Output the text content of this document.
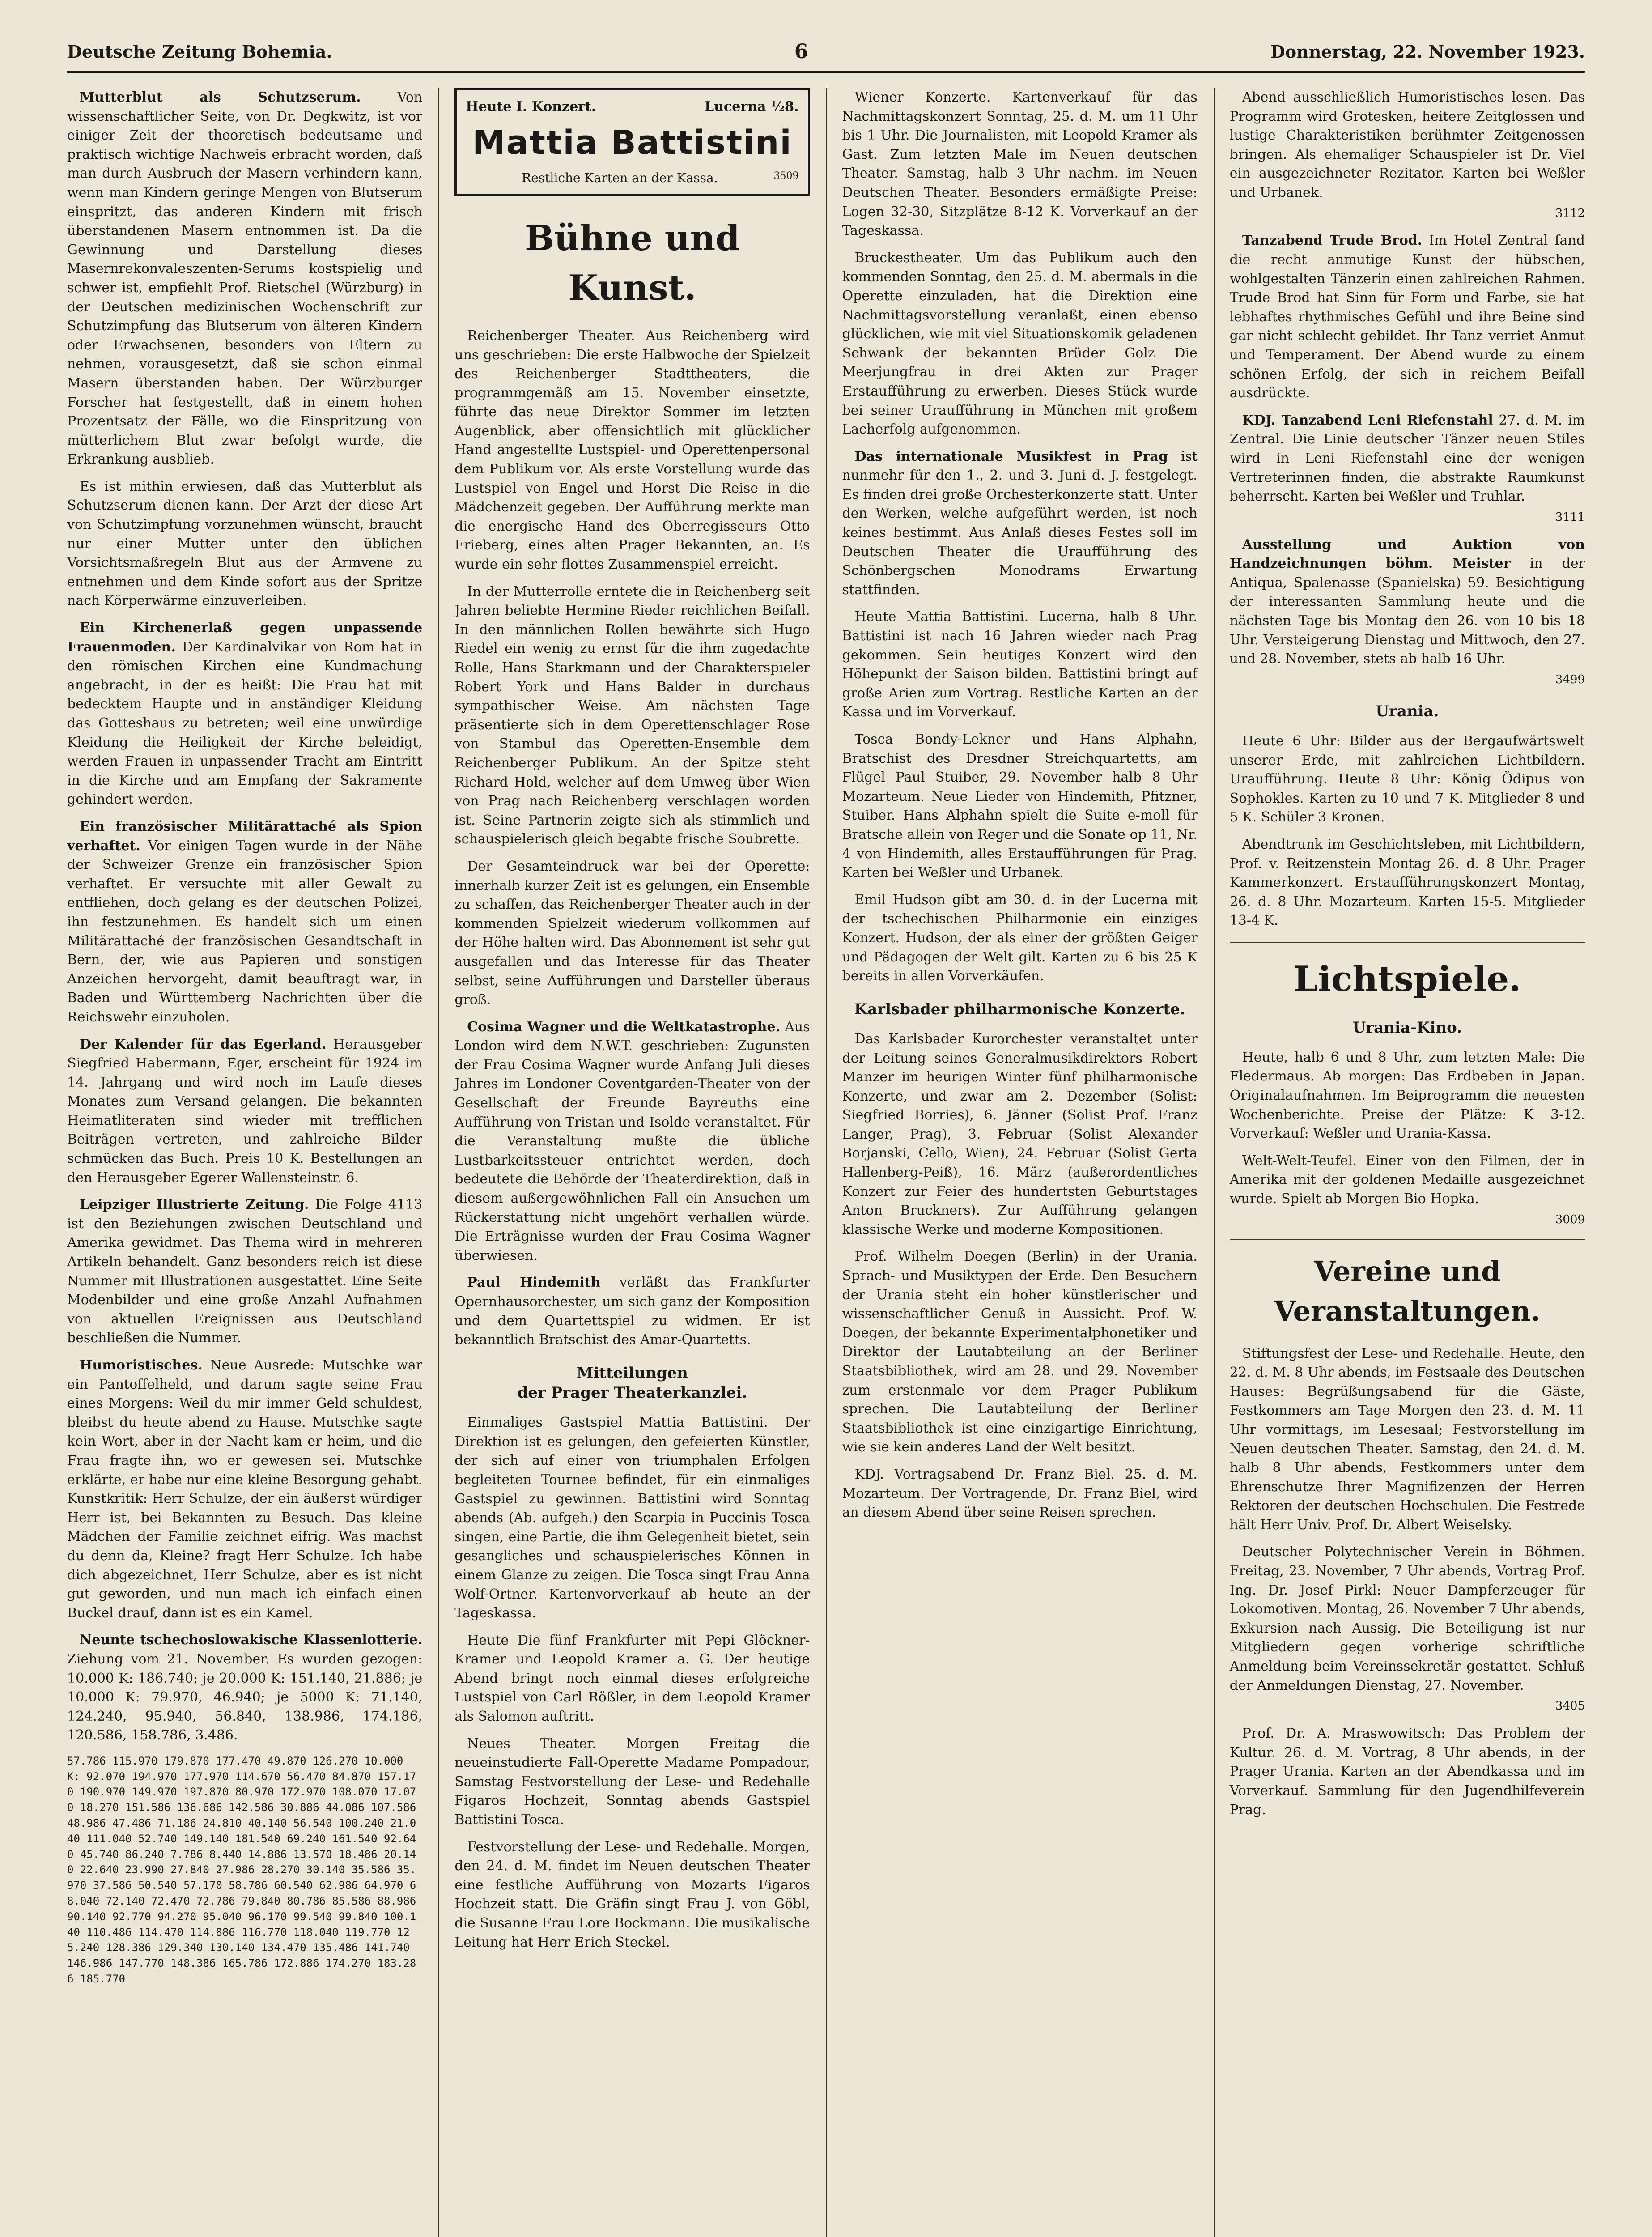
Deutsche Zeitung Bohemia.	6	Donnerstag, 22. November 1923.

Mutterblut als Schutzserum.	Von wissenschaftlicher Seite, von Dr. Degkwitz, ist vor einiger Zeit der theoretisch bedeutsame und praktisch wichtige Nachweis erbracht worden, daß man durch Ausbruch der Masern verhindern kann, wenn man Kindern geringe Mengen von Blutserum einspritzt, das anderen Kindern mit frisch überstandenen Masern entnommen ist. Da die Gewinnung und Darstellung dieses Masernrekonvaleszenten-Serums kostspielig und schwer ist, empfiehlt Prof. Rietschel (Würzburg) in der Deutschen medizinischen Wochenschrift zur Schutzimpfung das Blutserum von älteren Kindern oder Erwachsenen, besonders von Eltern zu nehmen, vorausgesetzt, daß sie schon einmal Masern überstanden haben. Der Würzburger Forscher hat festgestellt, daß in einem hohen Prozentsatz der Fälle, wo die Einspritzung von mütterlichem Blut zwar befolgt wurde, die Erkrankung ausblieb.

Es ist mithin erwiesen, daß das Mutterblut als Schutzserum dienen kann. Der Arzt der diese Art von Schutzimpfung vorzunehmen wünscht, braucht nur einer Mutter unter den üblichen Vorsichtsmaßregeln Blut aus der Armvene zu entnehmen und dem Kinde sofort aus der Spritze nach Körperwärme einzuverleiben.

Ein Kirchenerlaß gegen unpassende Frauenmoden. Der Kardinalvikar von Rom hat in den römischen Kirchen eine Kundmachung angebracht, in der es heißt: Die Frau hat mit bedecktem Haupte und in anständiger Kleidung das Gotteshaus zu betreten; weil eine unwürdige Kleidung die Heiligkeit der Kirche beleidigt, werden Frauen in unpassender Tracht am Eintritt in die Kirche und am Empfang der Sakramente gehindert werden.

Ein französischer Militärattaché als Spion verhaftet. Vor einigen Tagen wurde in der Nähe der Schweizer Grenze ein französischer Spion verhaftet. Er versuchte mit aller Gewalt zu entfliehen, doch gelang es der deutschen Polizei, ihn festzunehmen. Es handelt sich um einen Militärattaché der französischen Gesandtschaft in Bern, der, wie aus Papieren und sonstigen Anzeichen hervorgeht, damit beauftragt war, in Baden und Württemberg Nachrichten über die Reichswehr einzuholen.

Der Kalender für das Egerland. Herausgeber Siegfried Habermann, Eger, erscheint für 1924 im 14. Jahrgang und wird noch im Laufe dieses Monates zum Versand gelangen. Die bekannten Heimatliteraten sind wieder mit trefflichen Beiträgen vertreten, und zahlreiche Bilder schmücken das Buch. Preis 10 K. Bestellungen an den Herausgeber Egerer Wallensteinstr. 6.

Leipziger Illustrierte Zeitung. Die Folge 4113 ist den Beziehungen zwischen Deutschland und Amerika gewidmet. Das Thema wird in mehreren Artikeln behandelt. Ganz besonders reich ist diese Nummer mit Illustrationen ausgestattet. Eine Seite Modenbilder und eine große Anzahl Aufnahmen von aktuellen Ereignissen aus Deutschland beschließen die Nummer.

Humoristisches. Neue Ausrede: Mutschke war ein Pantoffelheld, und darum sagte seine Frau eines Morgens: Weil du mir immer Geld schuldest, bleibst du heute abend zu Hause. Mutschke sagte kein Wort, aber in der Nacht kam er heim, und die Frau fragte ihn, wo er gewesen sei. Mutschke erklärte, er habe nur eine kleine Besorgung gehabt. Kunstkritik: Herr Schulze, der ein äußerst würdiger Herr ist, bei Bekannten zu Besuch. Das kleine Mädchen der Familie zeichnet eifrig. Was machst du denn da, Kleine? fragt Herr Schulze. Ich habe dich abgezeichnet, Herr Schulze, aber es ist nicht gut geworden, und nun mach ich einfach einen Buckel drauf, dann ist es ein Kamel.

Neunte tschechoslowakische Klassenlotterie. Ziehung vom 21. November. Es wurden gezogen: 10.000 K: 186.740; je 20.000 K: 151.140, 21.886; je 10.000 K: 79.970, 46.940; je 5000 K: 71.140, 124.240, 95.940, 56.840, 138.986, 174.186, 120.586, 158.786, 3.486.

57.786 115.970 179.870 177.470 49.870 126.270 10.000 K: 92.070 194.970 177.970 114.670 56.470 84.870 157.170 190.970 149.970 197.870 80.970 172.970 108.070 17.070 18.270 151.586 136.686 142.586 30.886 44.086 107.586 48.986 47.486 71.186 24.810 40.140 56.540 100.240 21.040 111.040 52.740 149.140 181.540 69.240 161.540 92.640 45.740 86.240 7.786 8.440 14.886 13.570 18.486 20.140 22.640 23.990 27.840 27.986 28.270 30.140 35.586 35.970 37.586 50.540 57.170 58.786 60.540 62.986 64.970 68.040 72.140 72.470 72.786 79.840 80.786 85.586 88.986 90.140 92.770 94.270 95.040 96.170 99.540 99.840 100.140 110.486 114.470 114.886 116.770 118.040 119.770 125.240 128.386 129.340 130.140 134.470 135.486 141.740 146.986 147.770 148.386 165.786 172.886 174.270 183.286 185.770
Heute I. Konzert.	Lucerna ½8.
Mattia Battistini
Restliche Karten an der Kassa.	3509
Bühne und Kunst.

Reichenberger Theater. Aus Reichenberg wird uns geschrieben: Die erste Halbwoche der Spielzeit des Reichenberger Stadttheaters, die programmgemäß am 15. November einsetzte, führte das neue Direktor Sommer im letzten Augenblick, aber offensichtlich mit glücklicher Hand angestellte Lustspiel- und Operettenpersonal dem Publikum vor. Als erste Vorstellung wurde das Lustspiel von Engel und Horst Die Reise in die Mädchenzeit gegeben. Der Aufführung merkte man die energische Hand des Oberregisseurs Otto Frieberg, eines alten Prager Bekannten, an. Es wurde ein sehr flottes Zusammenspiel erreicht.

In der Mutterrolle erntete die in Reichenberg seit Jahren beliebte Hermine Rieder reichlichen Beifall. In den männlichen Rollen bewährte sich Hugo Riedel ein wenig zu ernst für die ihm zugedachte Rolle, Hans Starkmann und der Charakterspieler Robert York und Hans Balder in durchaus sympathischer Weise. Am nächsten Tage präsentierte sich in dem Operettenschlager Rose von Stambul das Operetten-Ensemble dem Reichenberger Publikum. An der Spitze steht Richard Hold, welcher auf dem Umweg über Wien von Prag nach Reichenberg verschlagen worden ist. Seine Partnerin zeigte sich als stimmlich und schauspielerisch gleich begabte frische Soubrette.

Der Gesamteindruck war bei der Operette: innerhalb kurzer Zeit ist es gelungen, ein Ensemble zu schaffen, das Reichenberger Theater auch in der kommenden Spielzeit wiederum vollkommen auf der Höhe halten wird. Das Abonnement ist sehr gut ausgefallen und das Interesse für das Theater selbst, seine Aufführungen und Darsteller überaus groß.

Cosima Wagner und die Weltkatastrophe. Aus London wird dem N.W.T. geschrieben: Zugunsten der Frau Cosima Wagner wurde Anfang Juli dieses Jahres im Londoner Coventgarden-Theater von der Gesellschaft der Freunde Bayreuths eine Aufführung von Tristan und Isolde veranstaltet. Für die Veranstaltung mußte die übliche Lustbarkeitssteuer entrichtet werden, doch bedeutete die Behörde der Theaterdirektion, daß in diesem außergewöhnlichen Fall ein Ansuchen um Rückerstattung nicht ungehört verhallen würde. Die Erträgnisse wurden der Frau Cosima Wagner überwiesen.

Paul Hindemith verläßt das Frankfurter Opernhausorchester, um sich ganz der Komposition und dem Quartettspiel zu widmen. Er ist bekanntlich Bratschist des Amar-Quartetts.

Mitteilungen
der Prager Theaterkanzlei.

Einmaliges Gastspiel Mattia Battistini. Der Direktion ist es gelungen, den gefeierten Künstler, der sich auf einer von triumphalen Erfolgen begleiteten Tournee befindet, für ein einmaliges Gastspiel zu gewinnen. Battistini wird Sonntag abends (Ab. aufgeh.) den Scarpia in Puccinis Tosca singen, eine Partie, die ihm Gelegenheit bietet, sein gesangliches und schauspielerisches Können in einem Glanze zu zeigen. Die Tosca singt Frau Anna Wolf-Ortner. Kartenvorverkauf ab heute an der Tageskassa.

Heute Die fünf Frankfurter mit Pepi Glöckner-Kramer und Leopold Kramer a. G. Der heutige Abend bringt noch einmal dieses erfolgreiche Lustspiel von Carl Rößler, in dem Leopold Kramer als Salomon auftritt.

Neues Theater. Morgen Freitag die neueinstudierte Fall-Operette Madame Pompadour, Samstag Festvorstellung der Lese- und Redehalle Figaros Hochzeit, Sonntag abends Gastspiel Battistini Tosca.

Festvorstellung der Lese- und Redehalle. Morgen, den 24. d. M. findet im Neuen deutschen Theater eine festliche Aufführung von Mozarts Figaros Hochzeit statt. Die Gräfin singt Frau J. von Göbl, die Susanne Frau Lore Bockmann. Die musikalische Leitung hat Herr Erich Steckel.

Wiener Konzerte. Kartenverkauf für das Nachmittagskonzert Sonntag, 25. d. M. um 11 Uhr bis 1 Uhr. Die Journalisten, mit Leopold Kramer als Gast. Zum letzten Male im Neuen deutschen Theater. Samstag, halb 3 Uhr nachm. im Neuen Deutschen Theater. Besonders ermäßigte Preise: Logen 32-30, Sitzplätze 8-12 K. Vorverkauf an der Tageskassa.

Bruckestheater. Um das Publikum auch den kommenden Sonntag, den 25. d. M. abermals in die Operette einzuladen, hat die Direktion eine Nachmittagsvorstellung veranlaßt, einen ebenso glücklichen, wie mit viel Situationskomik geladenen Schwank der bekannten Brüder Golz Die Meerjungfrau in drei Akten zur Prager Erstaufführung zu erwerben. Dieses Stück wurde bei seiner Uraufführung in München mit großem Lacherfolg aufgenommen.

Das internationale Musikfest in Prag ist nunmehr für den 1., 2. und 3. Juni d. J. festgelegt. Es finden drei große Orchesterkonzerte statt. Unter den Werken, welche aufgeführt werden, ist noch keines bestimmt. Aus Anlaß dieses Festes soll im Deutschen Theater die Uraufführung des Schönbergschen Monodrams Erwartung stattfinden.

Heute Mattia Battistini. Lucerna, halb 8 Uhr. Battistini ist nach 16 Jahren wieder nach Prag gekommen. Sein heutiges Konzert wird den Höhepunkt der Saison bilden. Battistini bringt auf große Arien zum Vortrag. Restliche Karten an der Kassa und im Vorverkauf.

Tosca Bondy-Lekner und Hans Alphahn, Bratschist des Dresdner Streichquartetts, am Flügel Paul Stuiber, 29. November halb 8 Uhr Mozarteum. Neue Lieder von Hindemith, Pfitzner, Stuiber. Hans Alphahn spielt die Suite e-moll für Bratsche allein von Reger und die Sonate op 11, Nr. 4 von Hindemith, alles Erstaufführungen für Prag. Karten bei Weßler und Urbanek.

Emil Hudson gibt am 30. d. in der Lucerna mit der tschechischen Philharmonie ein einziges Konzert. Hudson, der als einer der größten Geiger und Pädagogen der Welt gilt. Karten zu 6 bis 25 K bereits in allen Vorverkäufen.

Karlsbader philharmonische Konzerte.

Das Karlsbader Kurorchester veranstaltet unter der Leitung seines Generalmusikdirektors Robert Manzer im heurigen Winter fünf philharmonische Konzerte, und zwar am 2. Dezember (Solist: Siegfried Borries), 6. Jänner (Solist Prof. Franz Langer, Prag), 3. Februar (Solist Alexander Borjanski, Cello, Wien), 24. Februar (Solist Gerta Hallenberg-Peiß), 16. März (außerordentliches Konzert zur Feier des hundertsten Geburtstages Anton Bruckners). Zur Aufführung gelangen klassische Werke und moderne Kompositionen.

Prof. Wilhelm Doegen (Berlin) in der Urania. Sprach- und Musiktypen der Erde. Den Besuchern der Urania steht ein hoher künstlerischer und wissenschaftlicher Genuß in Aussicht. Prof. W. Doegen, der bekannte Experimentalphonetiker und Direktor der Lautabteilung an der Berliner Staatsbibliothek, wird am 28. und 29. November zum erstenmale vor dem Prager Publikum sprechen. Die Lautabteilung der Berliner Staatsbibliothek ist eine einzigartige Einrichtung, wie sie kein anderes Land der Welt besitzt.

KDJ. Vortragsabend Dr. Franz Biel. 25. d. M. Mozarteum. Der Vortragende, Dr. Franz Biel, wird an diesem Abend über seine Reisen sprechen.

Abend ausschließlich Humoristisches lesen. Das Programm wird Grotesken, heitere Zeitglossen und lustige Charakteristiken berühmter Zeitgenossen bringen. Als ehemaliger Schauspieler ist Dr. Viel ein ausgezeichneter Rezitator. Karten bei Weßler und Urbanek.

3112

Tanzabend Trude Brod. Im Hotel Zentral fand die recht anmutige Kunst der hübschen, wohlgestalten Tänzerin einen zahlreichen Rahmen. Trude Brod hat Sinn für Form und Farbe, sie hat lebhaftes rhythmisches Gefühl und ihre Beine sind gar nicht schlecht gebildet. Ihr Tanz verriet Anmut und Temperament. Der Abend wurde zu einem schönen Erfolg, der sich in reichem Beifall ausdrückte.

KDJ. Tanzabend Leni Riefenstahl 27. d. M. im Zentral. Die Linie deutscher Tänzer neuen Stiles wird in Leni Riefenstahl eine der wenigen Vertreterinnen finden, die abstrakte Raumkunst beherrscht. Karten bei Weßler und Truhlar.

3111

Ausstellung und Auktion von Handzeichnungen böhm. Meister in der Antiqua, Spalenasse (Spanielska) 59. Besichtigung der interessanten Sammlung heute und die nächsten Tage bis Montag den 26. von 10 bis 18 Uhr. Versteigerung Dienstag und Mittwoch, den 27. und 28. November, stets ab halb 16 Uhr.

3499
Urania.

Heute 6 Uhr: Bilder aus der Bergaufwärtswelt unserer Erde, mit zahlreichen Lichtbildern. Uraufführung. Heute 8 Uhr: König Ödipus von Sophokles. Karten zu 10 und 7 K. Mitglieder 8 und 5 K. Schüler 3 Kronen.

Abendtrunk im Geschichtsleben, mit Lichtbildern, Prof. v. Reitzenstein Montag 26. d. 8 Uhr. Prager Kammerkonzert. Erstaufführungskonzert Montag, 26. d. 8 Uhr. Mozarteum. Karten 15-5. Mitglieder 13-4 K.

Lichtspiele.
Urania-Kino.

Heute, halb 6 und 8 Uhr, zum letzten Male: Die Fledermaus. Ab morgen: Das Erdbeben in Japan. Originalaufnahmen. Im Beiprogramm die neuesten Wochenberichte. Preise der Plätze: K 3-12. Vorverkauf: Weßler und Urania-Kassa.

Welt-Welt-Teufel. Einer von den Filmen, der in Amerika mit der goldenen Medaille ausgezeichnet wurde. Spielt ab Morgen Bio Hopka.

3009
Vereine und Veranstaltungen.

Stiftungsfest der Lese- und Redehalle. Heute, den 22. d. M. 8 Uhr abends, im Festsaale des Deutschen Hauses: Begrüßungsabend für die Gäste, Festkommers am Tage Morgen den 23. d. M. 11 Uhr vormittags, im Lesesaal; Festvorstellung im Neuen deutschen Theater. Samstag, den 24. d. M. halb 8 Uhr abends, Festkommers unter dem Ehrenschutze Ihrer Magnifizenzen der Herren Rektoren der deutschen Hochschulen. Die Festrede hält Herr Univ. Prof. Dr. Albert Weiselsky.

Deutscher Polytechnischer Verein in Böhmen. Freitag, 23. November, 7 Uhr abends, Vortrag Prof. Ing. Dr. Josef Pirkl: Neuer Dampferzeuger für Lokomotiven. Montag, 26. November 7 Uhr abends, Exkursion nach Aussig. Die Beteiligung ist nur Mitgliedern gegen vorherige schriftliche Anmeldung beim Vereinssekretär gestattet. Schluß der Anmeldungen Dienstag, 27. November.

3405

Prof. Dr. A. Mraswowitsch: Das Problem der Kultur. 26. d. M. Vortrag, 8 Uhr abends, in der Prager Urania. Karten an der Abendkassa und im Vorverkauf. Sammlung für den Jugendhilfeverein Prag.
